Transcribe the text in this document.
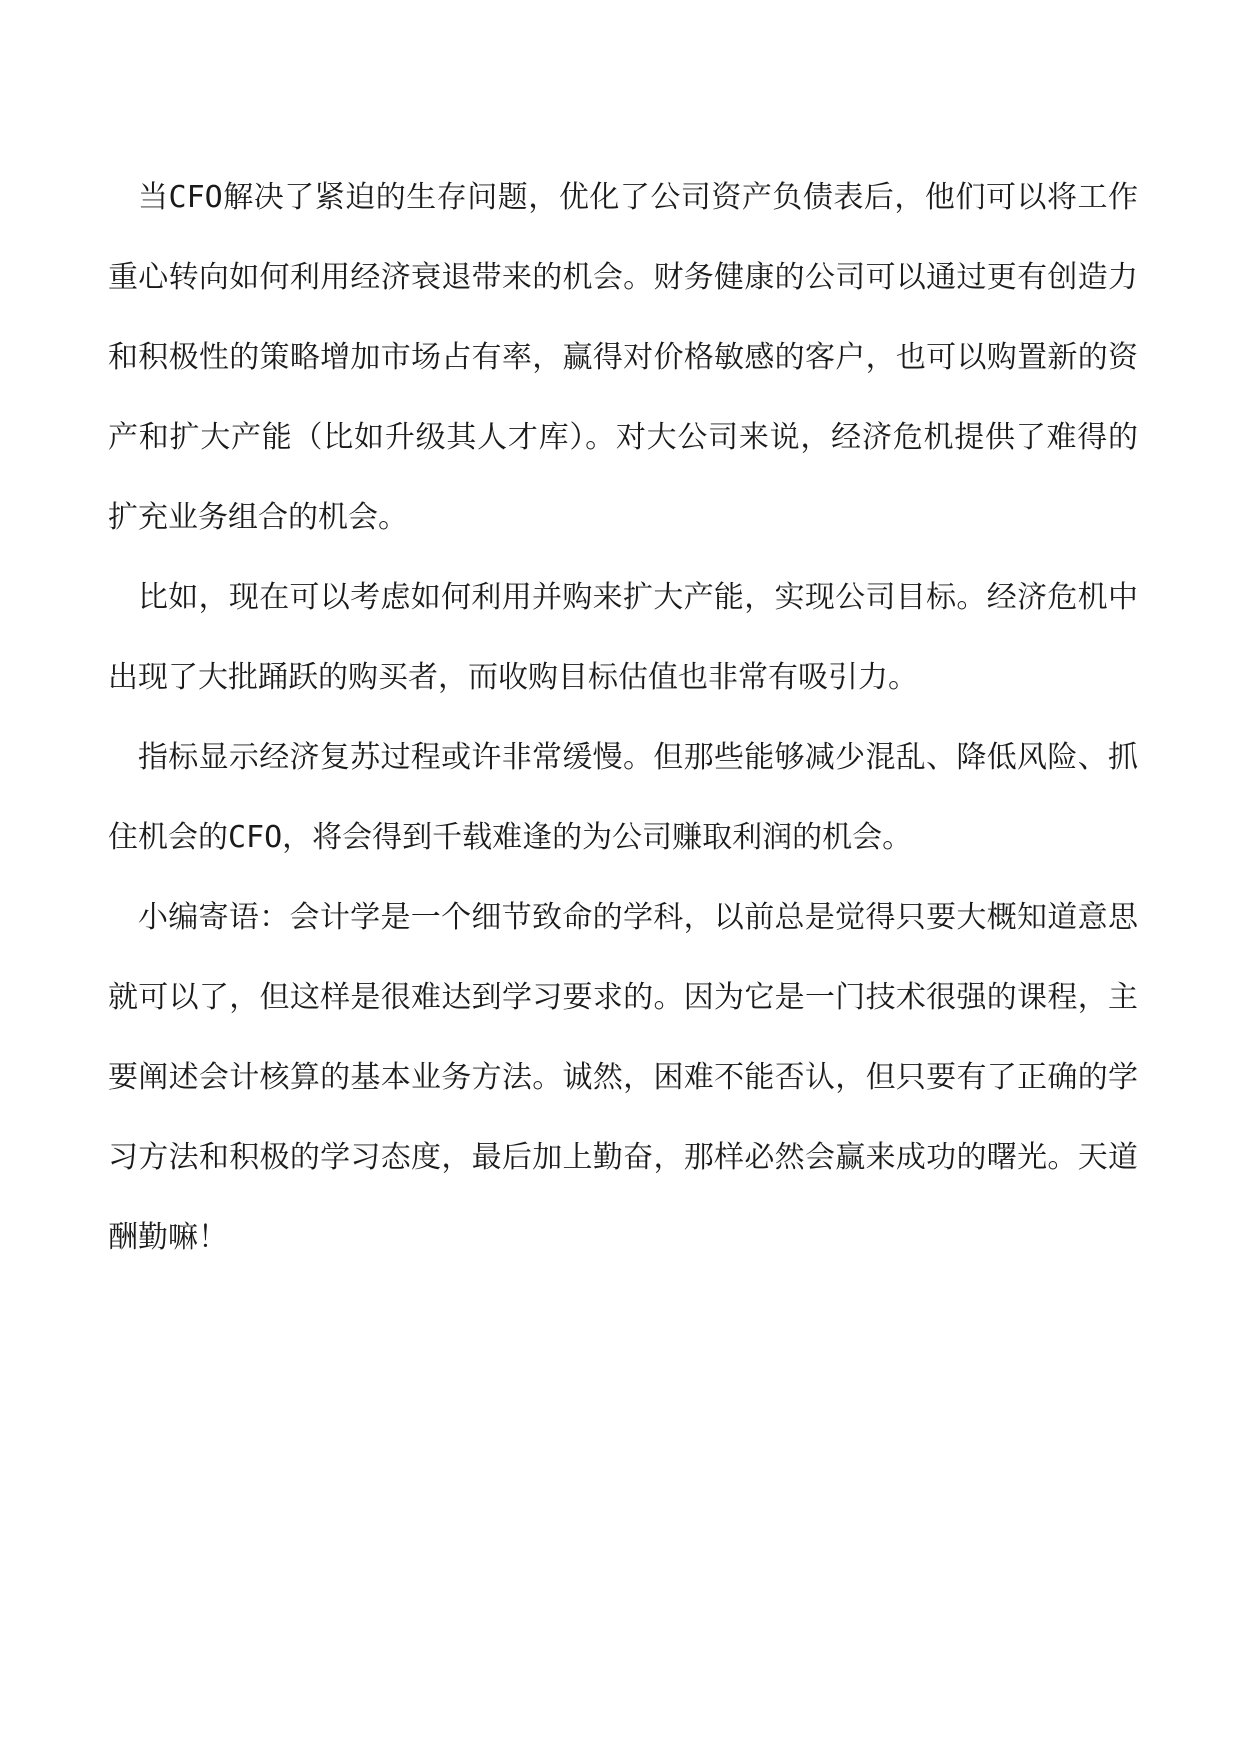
当CFO解决了紧迫的生存问题，优化了公司资产负债表后，他们可以将工作重心转向如何利用经济衰退带来的机会。财务健康的公司可以通过更有创造力和积极性的策略增加市场占有率，赢得对价格敏感的客户，也可以购置新的资产和扩大产能（比如升级其人才库）。对大公司来说，经济危机提供了难得的扩充业务组合的机会。

比如，现在可以考虑如何利用并购来扩大产能，实现公司目标。经济危机中出现了大批踊跃的购买者，而收购目标估值也非常有吸引力。

指标显示经济复苏过程或许非常缓慢。但那些能够减少混乱、降低风险、抓住机会的CFO，将会得到千载难逢的为公司赚取利润的机会。

小编寄语：会计学是一个细节致命的学科，以前总是觉得只要大概知道意思就可以了，但这样是很难达到学习要求的。因为它是一门技术很强的课程，主要阐述会计核算的基本业务方法。诚然，困难不能否认，但只要有了正确的学习方法和积极的学习态度，最后加上勤奋，那样必然会赢来成功的曙光。天道酬勤嘛！
